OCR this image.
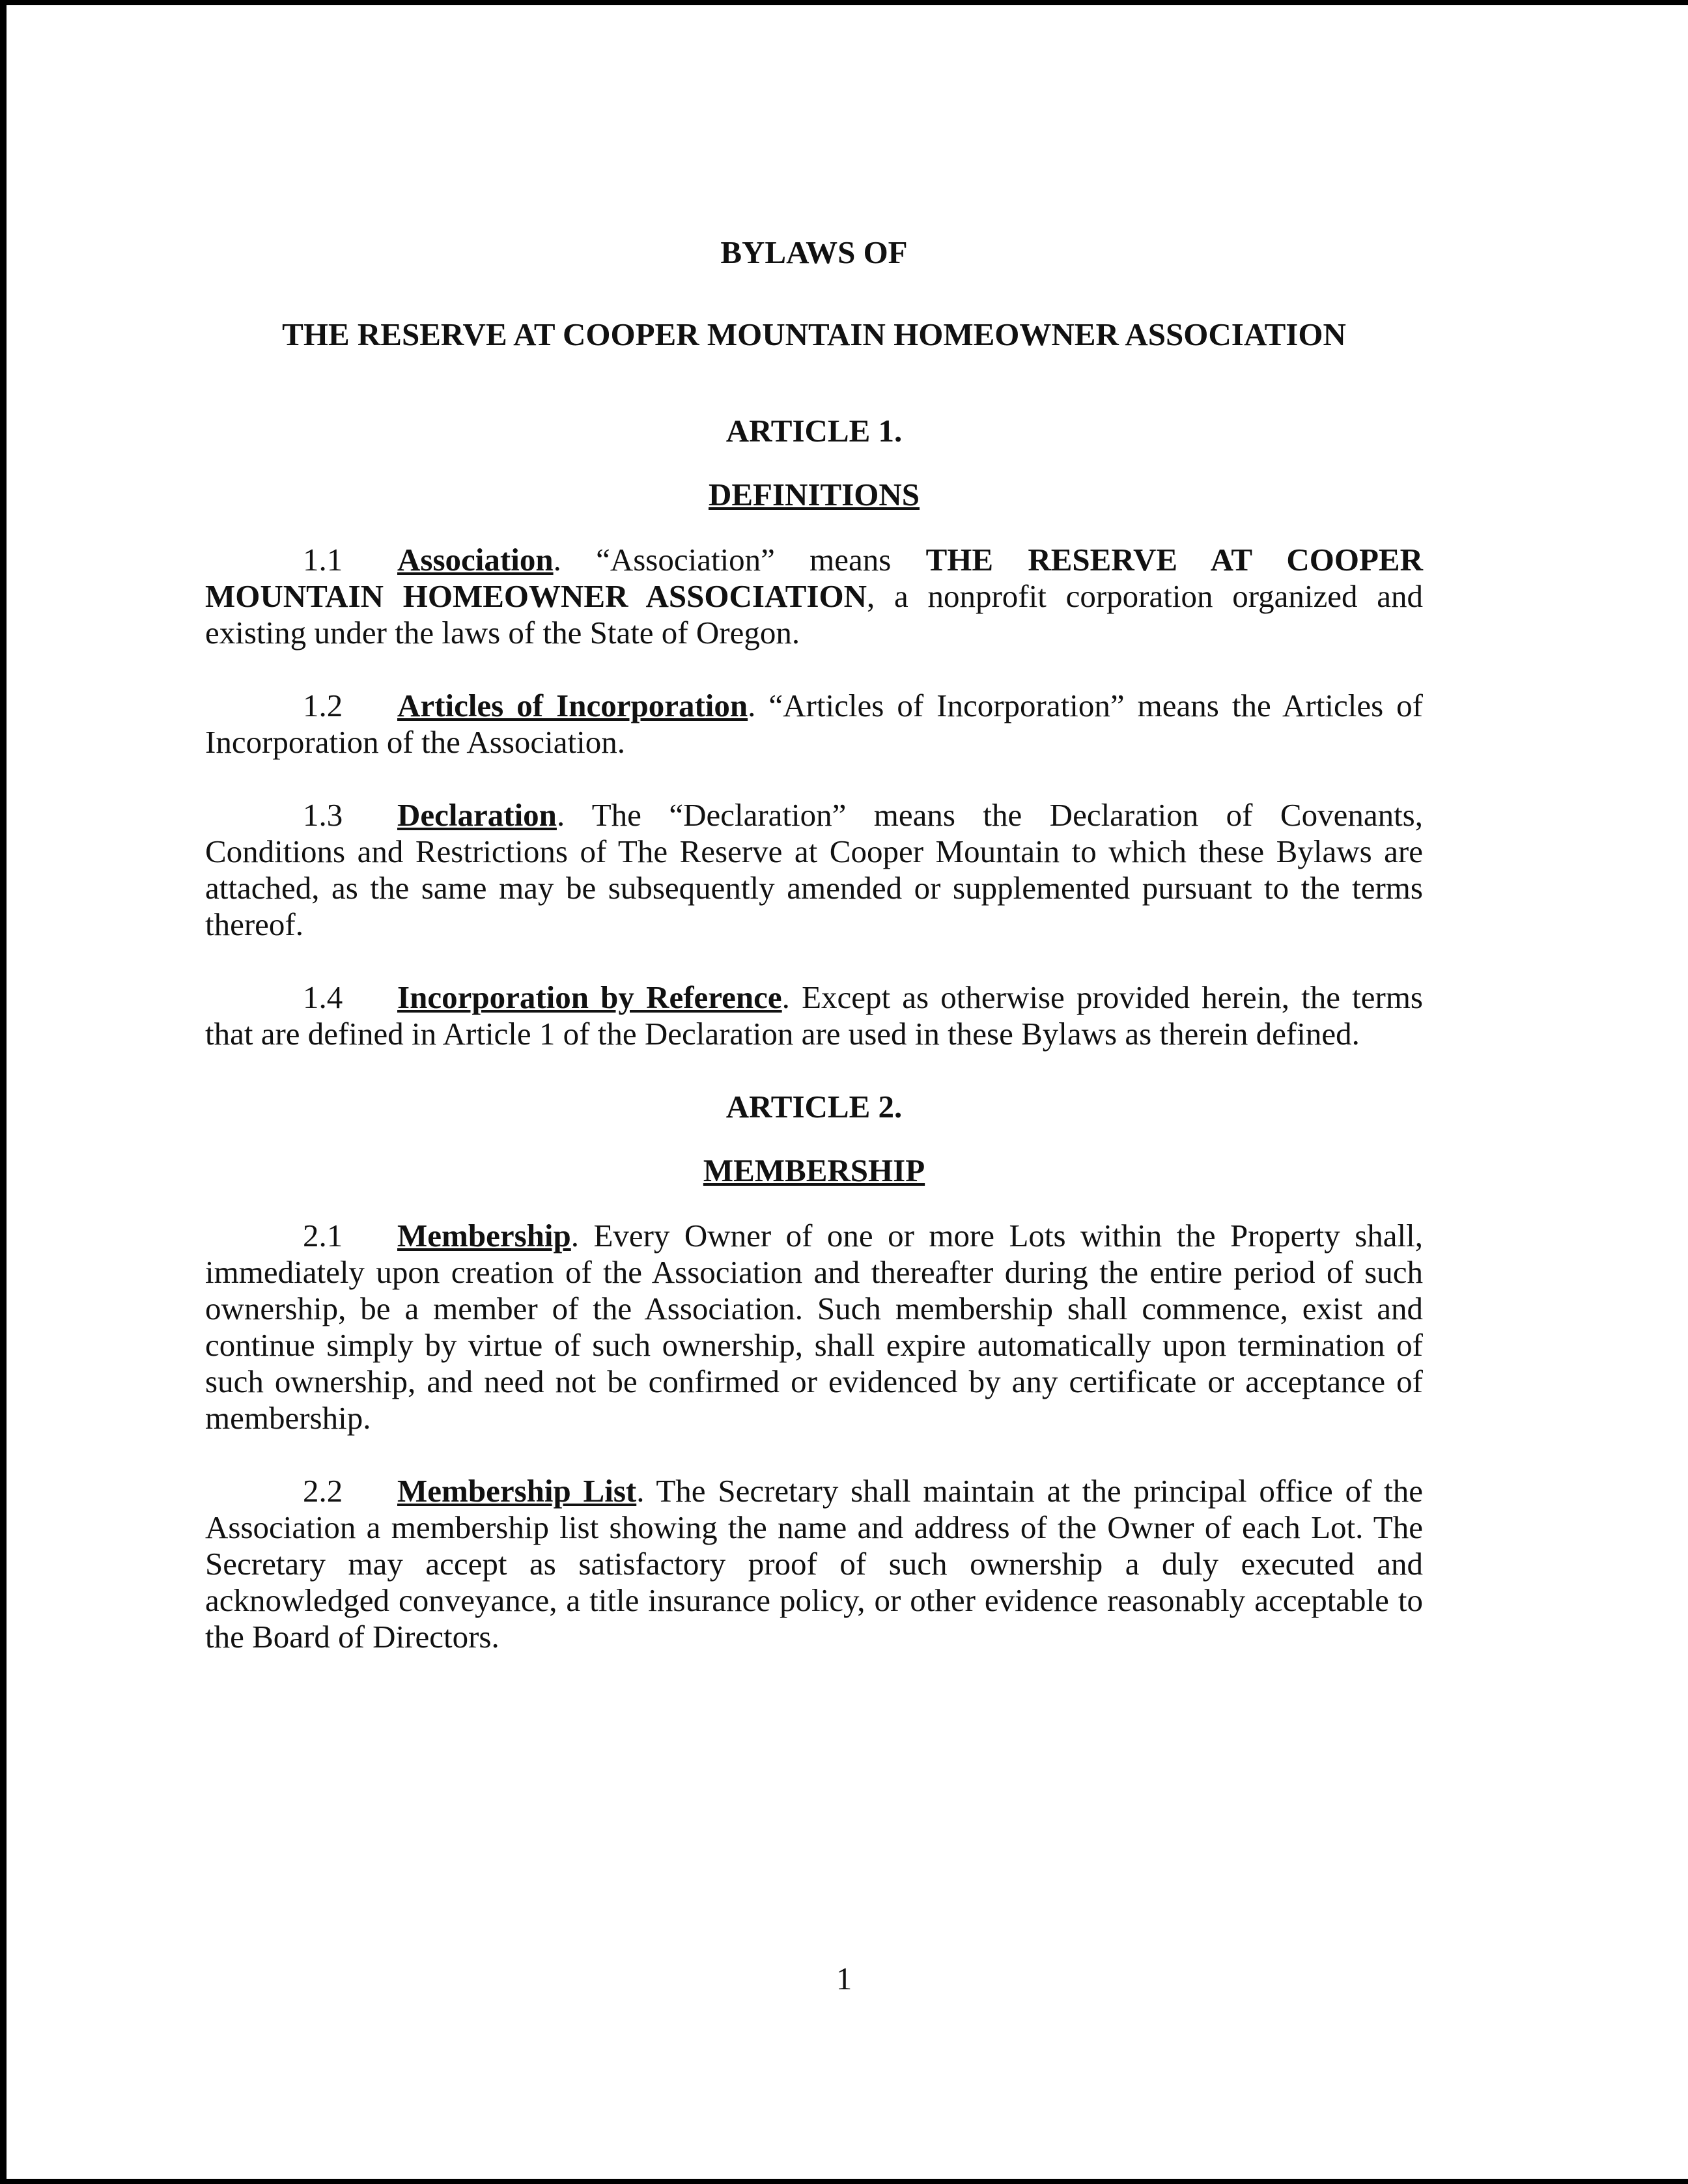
BYLAWS OF
THE RESERVE AT COOPER MOUNTAIN HOMEOWNER ASSOCIATION
ARTICLE 1.
DEFINITIONS

1.1 Association. “Association” means THE RESERVE AT COOPER MOUNTAIN HOMEOWNER ASSOCIATION, a nonprofit corporation organized and existing under the laws of the State of Oregon.

1.2 Articles of Incorporation. “Articles of Incorporation” means the Articles of Incorporation of the Association.

1.3 Declaration. The “Declaration” means the Declaration of Covenants, Conditions and Restrictions of The Reserve at Cooper Mountain to which these Bylaws are attached, as the same may be subsequently amended or supplemented pursuant to the terms thereof.

1.4 Incorporation by Reference. Except as otherwise provided herein, the terms that are defined in Article 1 of the Declaration are used in these Bylaws as therein defined.

ARTICLE 2.
MEMBERSHIP

2.1 Membership. Every Owner of one or more Lots within the Property shall, immediately upon creation of the Association and thereafter during the entire period of such ownership, be a member of the Association. Such membership shall commence, exist and continue simply by virtue of such ownership, shall expire automatically upon termination of such ownership, and need not be confirmed or evidenced by any certificate or acceptance of membership.

2.2 Membership List. The Secretary shall maintain at the principal office of the Association a membership list showing the name and address of the Owner of each Lot. The Secretary may accept as satisfactory proof of such ownership a duly executed and acknowledged conveyance, a title insurance policy, or other evidence reasonably acceptable to the Board of Directors.

1
